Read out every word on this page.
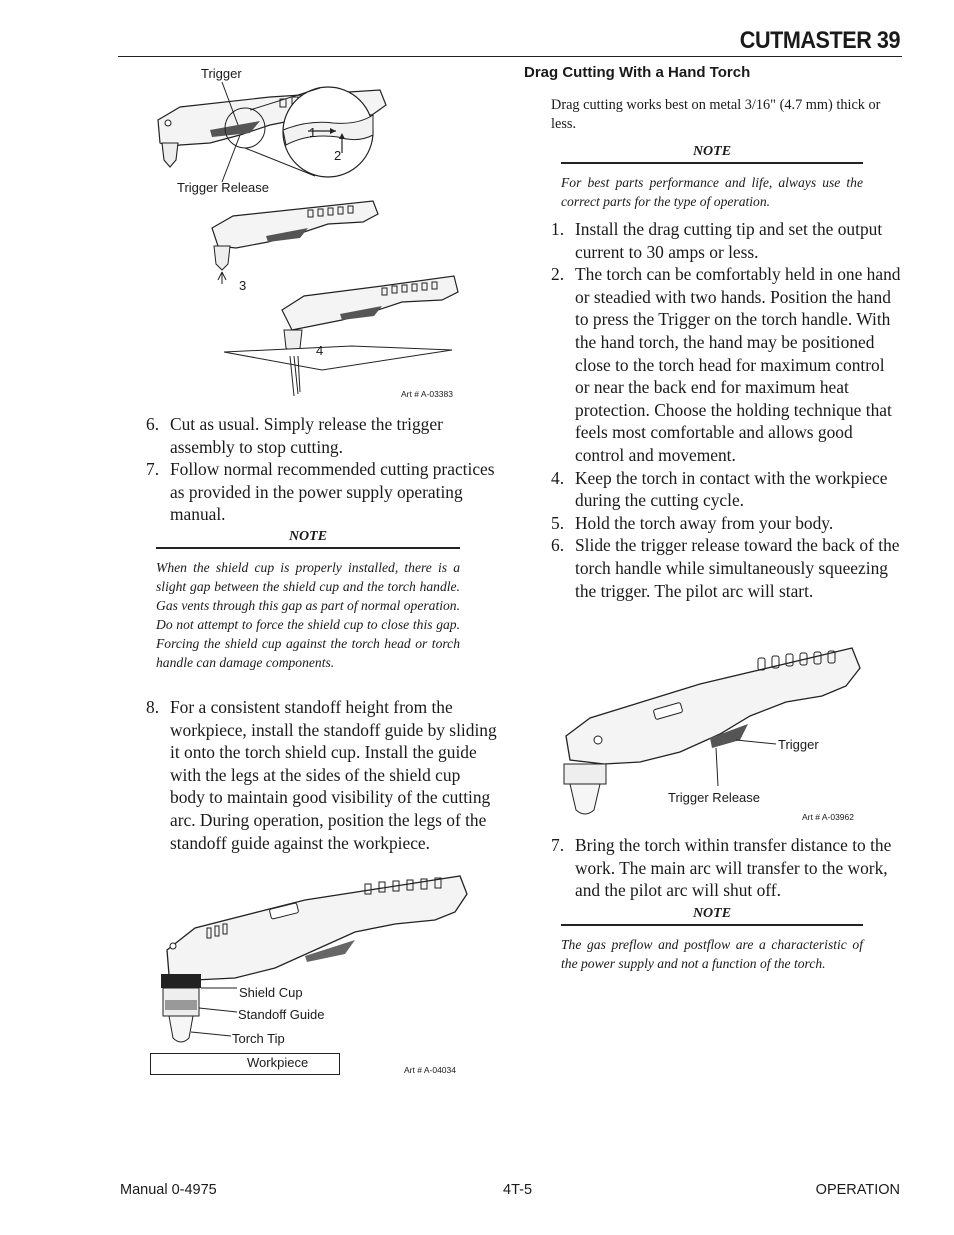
CUTMASTER 39
Trigger
Trigger Release
1
2
3
4
Art # A-03383
6. Cut as usual. Simply release the trigger assembly to stop cutting.
7. Follow normal recommended cutting practices as provided in the power supply operating manual.
NOTE
When the shield cup is properly installed, there is a slight gap between the shield cup and the torch handle. Gas vents through this gap as part of normal operation. Do not attempt to force the shield cup to close this gap. Forcing the shield cup against the torch head or torch handle can damage components.
8. For a consistent standoff height from the workpiece, install the standoff guide by sliding it onto the torch shield cup. Install the guide with the legs at the sides of the shield cup body to maintain good visibility of the cutting arc. During operation, position the legs of the standoff guide against the workpiece.
Shield Cup
Standoff Guide
Torch Tip
Workpiece	Art # A-04034
Drag Cutting With a Hand Torch
Drag cutting works best on metal 3/16" (4.7 mm) thick or less.
NOTE
For best parts performance and life, always use the correct parts for the type of operation.
1. Install the drag cutting tip and set the output current to 30 amps or less.
2. The torch can be comfortably held in one hand or steadied with two hands. Position the hand to press the Trigger on the torch handle. With the hand torch, the hand may be positioned close to the torch head for maximum control or near the back end for maximum heat protection. Choose the holding technique that feels most comfortable and allows good control and movement.
4. Keep the torch in contact with the workpiece during the cutting cycle.
5. Hold the torch away from your body.
6. Slide the trigger release toward the back of the torch handle while simultaneously squeezing the trigger. The pilot arc will start.
Trigger
Trigger Release
Art # A-03962
7. Bring the torch within transfer distance to the work. The main arc will transfer to the work, and the pilot arc will shut off.
NOTE
The gas preflow and postflow are a characteristic of the power supply and not a function of the torch.
Manual 0-4975	4T-5	OPERATION
